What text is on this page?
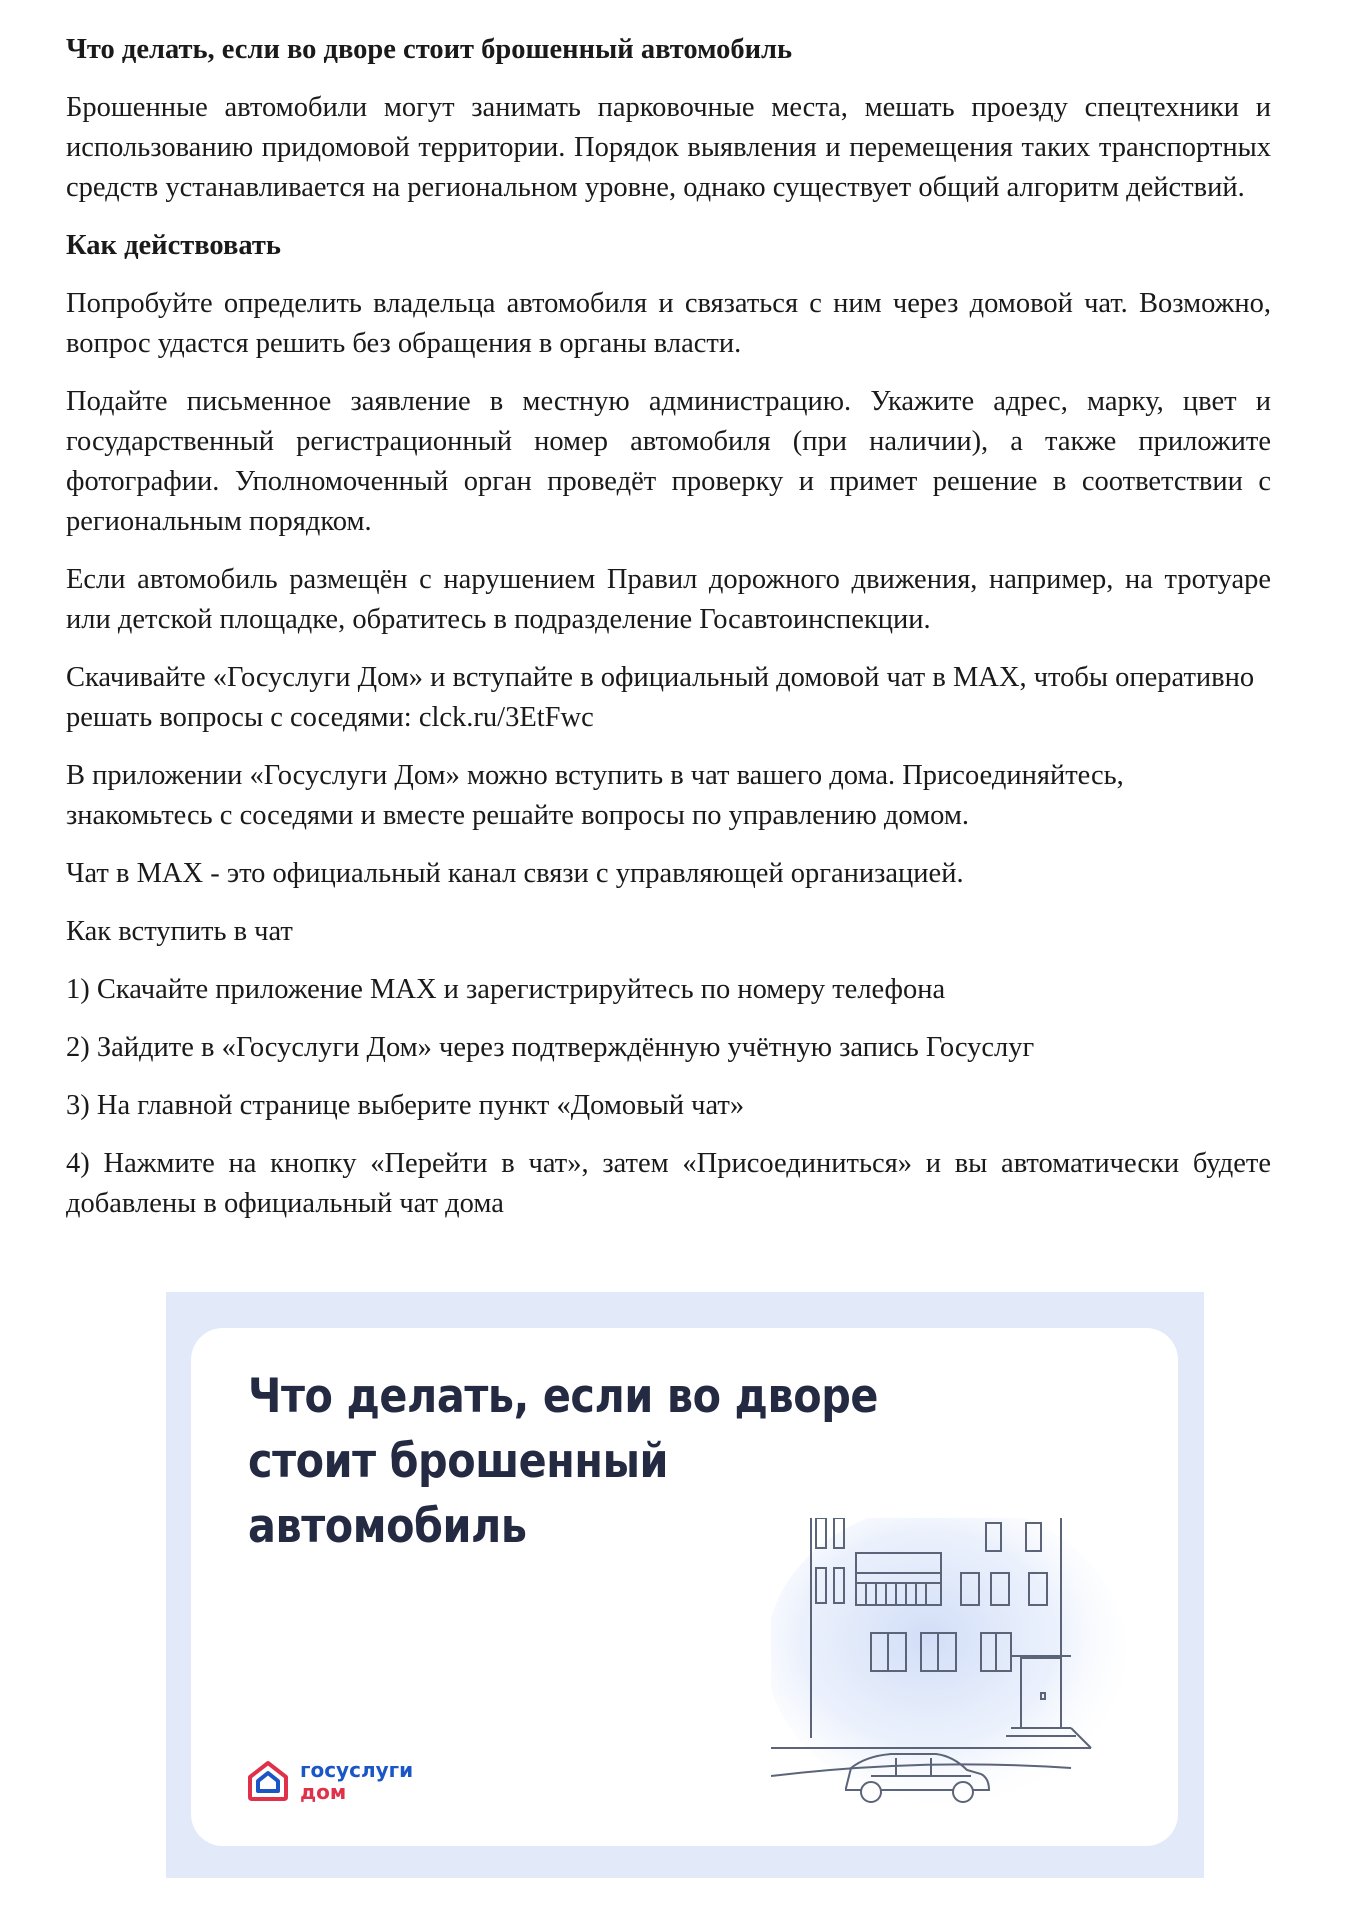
Что делать, если во дворе стоит брошенный автомобиль

Брошенные автомобили могут занимать парковочные места, мешать проезду спецтехники и использованию придомовой территории. Порядок выявления и перемещения таких транспортных средств устанавливается на региональном уровне, однако существует общий алгоритм действий.

Как действовать

Попробуйте определить владельца автомобиля и связаться с ним через домовой чат. Возможно, вопрос удастся решить без обращения в органы власти.

Подайте письменное заявление в местную администрацию. Укажите адрес, марку, цвет и государственный регистрационный номер автомобиля (при наличии), а также приложите фотографии. Уполномоченный орган проведёт проверку и примет решение в соответствии с региональным порядком.

Если автомобиль размещён с нарушением Правил дорожного движения, например, на тротуаре или детской площадке, обратитесь в подразделение Госавтоинспекции.

Скачивайте «Госуслуги Дом» и вступайте в официальный домовой чат в MAX, чтобы оперативно решать вопросы с соседями: clck.ru/3EtFwc

В приложении «Госуслуги Дом» можно вступить в чат вашего дома. Присоединяйтесь, знакомьтесь с соседями и вместе решайте вопросы по управлению домом.

Чат в MAX - это официальный канал связи с управляющей организацией.

Как вступить в чат

1) Скачайте приложение MAX и зарегистрируйтесь по номеру телефона

2) Зайдите в «Госуслуги Дом» через подтверждённую учётную запись Госуслуг

3) На главной странице выберите пункт «Домовый чат»

4) Нажмите на кнопку «Перейти в чат», затем «Присоединиться» и вы автоматически будете добавлены в официальный чат дома

Что делать, если во дворе
стоит брошенный автомобиль
госуслуги
дом
